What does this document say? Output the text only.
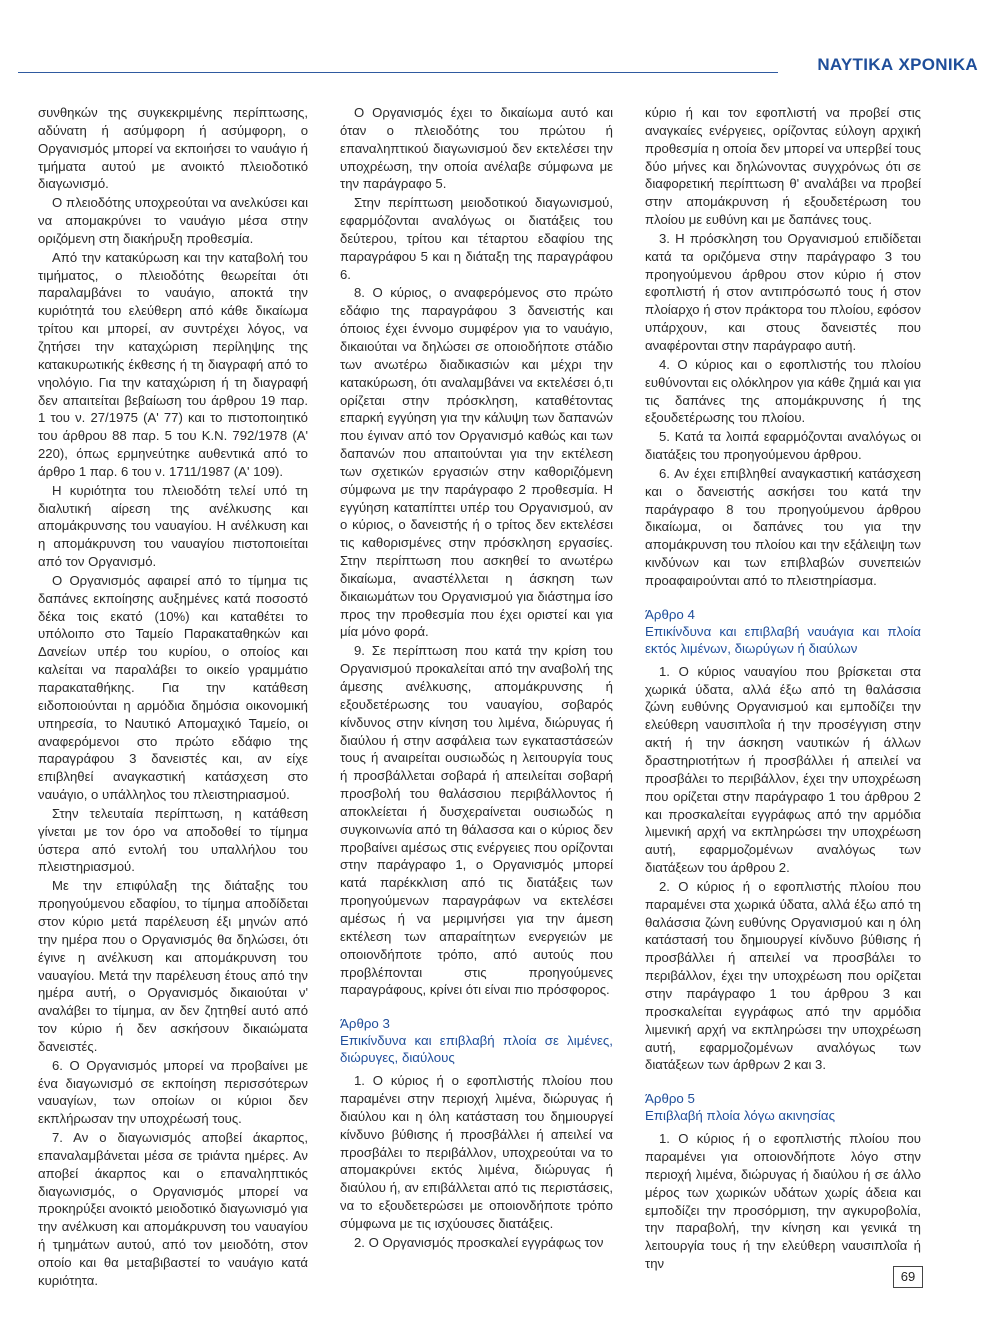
ΝΑΥΤΙΚΑ ΧΡΟΝΙΚΑ

συνθηκών της συγκεκριμένης περίπτωσης, αδύνατη ή ασύμφορη ή ασύμφορη, ο Οργανισμός μπορεί να εκποιήσει το ναυάγιο ή τμήματα αυτού με ανοικτό πλειοδοτικό διαγωνισμό.

Ο πλειοδότης υποχρεούται να ανελκύσει και να απομακρύνει το ναυάγιο μέσα στην οριζόμενη στη διακήρυξη προθεσμία.

Από την κατακύρωση και την καταβολή του τιμήματος, ο πλειοδότης θεωρείται ότι παραλαμβάνει το ναυάγιο, αποκτά την κυριότητά του ελεύθερη από κάθε δικαίωμα τρίτου και μπορεί, αν συντρέχει λόγος, να ζητήσει την καταχώριση περίληψης της κατακυρωτικής έκθεσης ή τη διαγραφή από το νηολόγιο. Για την καταχώριση ή τη διαγραφή δεν απαιτείται βεβαίωση του άρθρου 19 παρ. 1 του ν. 27/1975 (Α' 77) και το πιστοποιητικό του άρθρου 88 παρ. 5 του Κ.Ν. 792/1978 (Α' 220), όπως ερμηνεύτηκε αυθεντικά από το άρθρο 1 παρ. 6 του ν. 1711/1987 (Α' 109).

Η κυριότητα του πλειοδότη τελεί υπό τη διαλυτική αίρεση της ανέλκυσης και απομάκρυνσης του ναυαγίου. Η ανέλκυση και η απομάκρυνση του ναυαγίου πιστοποιείται από τον Οργανισμό.

Ο Οργανισμός αφαιρεί από το τίμημα τις δαπάνες εκποίησης αυξημένες κατά ποσοστό δέκα τοις εκατό (10%) και καταθέτει το υπόλοιπο στο Ταμείο Παρακαταθηκών και Δανείων υπέρ του κυρίου, ο οποίος και καλείται να παραλάβει το οικείο γραμμάτιο παρακαταθήκης. Για την κατάθεση ειδοποιούνται η αρμόδια δημόσια οικονομική υπηρεσία, το Ναυτικό Απομαχικό Ταμείο, οι αναφερόμενοι στο πρώτο εδάφιο της παραγράφου 3 δανειστές και, αν είχε επιβληθεί αναγκαστική κατάσχεση στο ναυάγιο, ο υπάλληλος του πλειστηριασμού.

Στην τελευταία περίπτωση, η κατάθεση γίνεται με τον όρο να αποδοθεί το τίμημα ύστερα από εντολή του υπαλλήλου του πλειστηριασμού.

Με την επιφύλαξη της διάταξης του προηγούμενου εδαφίου, το τίμημα αποδίδεται στον κύριο μετά παρέλευση έξι μηνών από την ημέρα που ο Οργανισμός θα δηλώσει, ότι έγινε η ανέλκυση και απομάκρυνση του ναυαγίου. Μετά την παρέλευση έτους από την ημέρα αυτή, ο Οργανισμός δικαιούται ν' αναλάβει το τίμημα, αν δεν ζητηθεί αυτό από τον κύριο ή δεν ασκήσουν δικαιώματα δανειστές.

6. Ο Οργανισμός μπορεί να προβαίνει με ένα διαγωνισμό σε εκποίηση περισσότερων ναυαγίων, των οποίων οι κύριοι δεν εκπλήρωσαν την υποχρέωσή τους.

7. Αν ο διαγωνισμός αποβεί άκαρπος, επαναλαμβάνεται μέσα σε τριάντα ημέρες. Αν αποβεί άκαρπος και ο επαναληπτικός διαγωνισμός, ο Οργανισμός μπορεί να προκηρύξει ανοικτό μειοδοτικό διαγωνισμό για την ανέλκυση και απομάκρυνση του ναυαγίου ή τμημάτων αυτού, από τον μειοδότη, στον οποίο και θα μεταβιβαστεί το ναυάγιο κατά κυριότητα.

Ο Οργανισμός έχει το δικαίωμα αυτό και όταν ο πλειοδότης του πρώτου ή επαναληπτικού διαγωνισμού δεν εκτελέσει την υποχρέωση, την οποία ανέλαβε σύμφωνα με την παράγραφο 5.

Στην περίπτωση μειοδοτικού διαγωνισμού, εφαρμόζονται αναλόγως οι διατάξεις του δεύτερου, τρίτου και τέταρτου εδαφίου της παραγράφου 5 και η διάταξη της παραγράφου 6.

8. Ο κύριος, ο αναφερόμενος στο πρώτο εδάφιο της παραγράφου 3 δανειστής και όποιος έχει έννομο συμφέρον για το ναυάγιο, δικαιούται να δηλώσει σε οποιοδήποτε στάδιο των ανωτέρω διαδικασιών και μέχρι την κατακύρωση, ότι αναλαμβάνει να εκτελέσει ό,τι ορίζεται στην πρόσκληση, καταθέτοντας επαρκή εγγύηση για την κάλυψη των δαπανών που έγιναν από τον Οργανισμό καθώς και των δαπανών που απαιτούνται για την εκτέλεση των σχετικών εργασιών στην καθοριζόμενη σύμφωνα με την παράγραφο 2 προθεσμία. Η εγγύηση καταπίπτει υπέρ του Οργανισμού, αν ο κύριος, ο δανειστής ή ο τρίτος δεν εκτελέσει τις καθορισμένες στην πρόσκληση εργασίες. Στην περίπτωση που ασκηθεί το ανωτέρω δικαίωμα, αναστέλλεται η άσκηση των δικαιωμάτων του Οργανισμού για διάστημα ίσο προς την προθεσμία που έχει οριστεί και για μία μόνο φορά.

9. Σε περίπτωση που κατά την κρίση του Οργανισμού προκαλείται από την αναβολή της άμεσης ανέλκυσης, απομάκρυνσης ή εξουδετέρωσης του ναυαγίου, σοβαρός κίνδυνος στην κίνηση του λιμένα, διώρυγας ή διαύλου ή στην ασφάλεια των εγκαταστάσεών τους ή αναιρείται ουσιωδώς η λειτουργία τους ή προσβάλλεται σοβαρά ή απειλείται σοβαρή προσβολή του θαλάσσιου περιβάλλοντος ή αποκλείεται ή δυσχεραίνεται ουσιωδώς η συγκοινωνία από τη θάλασσα και ο κύριος δεν προβαίνει αμέσως στις ενέργειες που ορίζονται στην παράγραφο 1, ο Οργανισμός μπορεί κατά παρέκκλιση από τις διατάξεις των προηγούμενων παραγράφων να εκτελέσει αμέσως ή να μεριμνήσει για την άμεση εκτέλεση των απαραίτητων ενεργειών με οποιονδήποτε τρόπο, από αυτούς που προβλέπονται στις προηγούμενες παραγράφους, κρίνει ότι είναι πιο πρόσφορος.

Άρθρο 3
Επικίνδυνα και επιβλαβή πλοία σε λιμένες, διώρυγες, διαύλους

1. Ο κύριος ή ο εφοπλιστής πλοίου που παραμένει στην περιοχή λιμένα, διώρυγας ή διαύλου και η όλη κατάσταση του δημιουργεί κίνδυνο βύθισης ή προσβάλλει ή απειλεί να προσβάλει το περιβάλλον, υποχρεούται να το απομακρύνει εκτός λιμένα, διώρυγας ή διαύλου ή, αν επιβάλλεται από τις περιστάσεις, να το εξουδετερώσει με οποιονδήποτε τρόπο σύμφωνα με τις ισχύουσες διατάξεις.

2. Ο Οργανισμός προσκαλεί εγγράφως τον

κύριο ή και τον εφοπλιστή να προβεί στις αναγκαίες ενέργειες, ορίζοντας εύλογη αρχική προθεσμία η οποία δεν μπορεί να υπερβεί τους δύο μήνες και δηλώνοντας συγχρόνως ότι σε διαφορετική περίπτωση θ' αναλάβει να προβεί στην απομάκρυνση ή εξουδετέρωση του πλοίου με ευθύνη και με δαπάνες τους.

3. Η πρόσκληση του Οργανισμού επιδίδεται κατά τα οριζόμενα στην παράγραφο 3 του προηγούμενου άρθρου στον κύριο ή στον εφοπλιστή ή στον αντιπρόσωπό τους ή στον πλοίαρχο ή στον πράκτορα του πλοίου, εφόσον υπάρχουν, και στους δανειστές που αναφέρονται στην παράγραφο αυτή.

4. Ο κύριος και ο εφοπλιστής του πλοίου ευθύνονται εις ολόκληρον για κάθε ζημιά και για τις δαπάνες της απομάκρυνσης ή της εξουδετέρωσης του πλοίου.

5. Κατά τα λοιπά εφαρμόζονται αναλόγως οι διατάξεις του προηγούμενου άρθρου.

6. Αν έχει επιβληθεί αναγκαστική κατάσχεση και ο δανειστής ασκήσει του κατά την παράγραφο 8 του προηγούμενου άρθρου δικαίωμα, οι δαπάνες του για την απομάκρυνση του πλοίου και την εξάλειψη των κινδύνων και των επιβλαβών συνεπειών προαφαιρούνται από το πλειστηρίασμα.

Άρθρο 4
Επικίνδυνα και επιβλαβή ναυάγια και πλοία εκτός λιμένων, διωρύγων ή διαύλων

1. Ο κύριος ναυαγίου που βρίσκεται στα χωρικά ύδατα, αλλά έξω από τη θαλάσσια ζώνη ευθύνης Οργανισμού και εμποδίζει την ελεύθερη ναυσιπλοΐα ή την προσέγγιση στην ακτή ή την άσκηση ναυτικών ή άλλων δραστηριοτήτων ή προσβάλλει ή απειλεί να προσβάλει το περιβάλλον, έχει την υποχρέωση που ορίζεται στην παράγραφο 1 του άρθρου 2 και προσκαλείται εγγράφως από την αρμόδια λιμενική αρχή να εκπληρώσει την υποχρέωση αυτή, εφαρμοζομένων αναλόγως των διατάξεων του άρθρου 2.

2. Ο κύριος ή ο εφοπλιστής πλοίου που παραμένει στα χωρικά ύδατα, αλλά έξω από τη θαλάσσια ζώνη ευθύνης Οργανισμού και η όλη κατάστασή του δημιουργεί κίνδυνο βύθισης ή προσβάλλει ή απειλεί να προσβάλει το περιβάλλον, έχει την υποχρέωση που ορίζεται στην παράγραφο 1 του άρθρου 3 και προσκαλείται εγγράφως από την αρμόδια λιμενική αρχή να εκπληρώσει την υποχρέωση αυτή, εφαρμοζομένων αναλόγως των διατάξεων των άρθρων 2 και 3.

Άρθρο 5
Επιβλαβή πλοία λόγω ακινησίας

1. Ο κύριος ή ο εφοπλιστής πλοίου που παραμένει για οποιονδήποτε λόγο στην περιοχή λιμένα, διώρυγας ή διαύλου ή σε άλλο μέρος των χωρικών υδάτων χωρίς άδεια και εμποδίζει την προσόρμιση, την αγκυροβολία, την παραβολή, την κίνηση και γενικά τη λειτουργία τους ή την ελεύθερη ναυσιπλοΐα ή την

69
